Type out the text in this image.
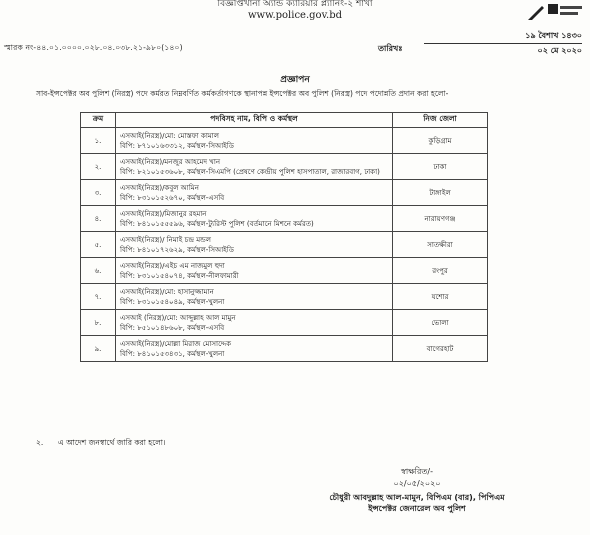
বিজ্ঞপ্তিখানা অ্যান্ড ক্যারিয়ার প্ল্যানিং-২ শাখা
www.police.gov.bd
স্মারক নং-৪৪.০১.০০০০.০২৮.০৪.০৩৮.২১-৯৮০(১৪০)	তারিখঃ
১৯ বৈশাখ ১৪৩০
০২ মে ২০২০
প্রজ্ঞাপন
সাব-ইন্সপেক্টর অব পুলিশ (নিরস্ত্র) পদে কর্মরত নিম্নবর্ণিত কর্মকর্তাগণকে স্থানাপন্ন ইন্সপেক্টর অব পুলিশ (নিরস্ত্র) পদে পদোন্নতি প্রদান করা হলো-
ক্রম	পদবিসহ নাম, বিপি ও কর্মস্থল	নিজ জেলা
১.	এসআই(নিরস্ত্র)/মো: মোস্তফা কামাল
বিপি: ৮৭১০১৬৩৩১২, কর্মস্থল-সিআইডি	কুড়িগ্রাম
২.	এসআই(নিরস্ত্র)/মনজুর আহমেদ খান
বিপি: ৮২১০১৫৩৬০৮, কর্মস্থল-সিএমপি (প্রেষণে কেন্দ্রীয় পুলিশ হাসপাতাল, রাজারবাগ, ঢাকা)	ঢাকা
৩.	এসআই(নিরস্ত্র)/কবুল আমিন
বিপি: ৮৩১০১৫২৬৭০, কর্মস্থল-এসবি	টাঙ্গাইল
৪.	এসআই(নিরস্ত্র)/মিজানুর রহমান
বিপি: ৮৪১০১৫৫৫৯৬, কর্মস্থল-ট্যুরিস্ট পুলিশ (বর্তমানে মিশনে কর্মরত)	নারায়ণগঞ্জ
৫.	এসআই(নিরস্ত্র)/ নিমাই চন্দ্র মন্ডল
বিপি: ৮৪১০১৭২৬২৯, কর্মস্থল-সিআইডি	সাতক্ষীরা
৬.	এসআই(নিরস্ত্র)/এইচ এম নাজমুল হুদা
বিপি: ৮৩১০১৫৪০৭৪, কর্মস্থল-নীলফামারী	রংপুর
৭.	এসআই(নিরস্ত্র)/মো: হাসানুজ্জামান
বিপি: ৮৩১০১৫৪০৪৯, কর্মস্থল-খুলনা	যশোর
৮.	এসআই (নিরস্ত্র)/মো: আব্দুল্লাহ আল মামুন
বিপি: ৮৫১০১৪৮৬০৮, কর্মস্থল-এসবি	ভোলা
৯.	এসআই(নিরস্ত্র)/মোল্লা মিরাজ মোসাদ্দেক
বিপি: ৮৪১০১৫৩৪৩১, কর্মস্থল-খুলনা	বাগেরহাট
২. এ আদেশ জনস্বার্থে জারি করা হলো।
স্বাক্ষরিত/-
০২/০৫/২০২০
চৌধুরী আবদুল্লাহ আল-মামুন, বিপিএম (বার), পিপিএম
ইন্সপেক্টর জেনারেল অব পুলিশ
